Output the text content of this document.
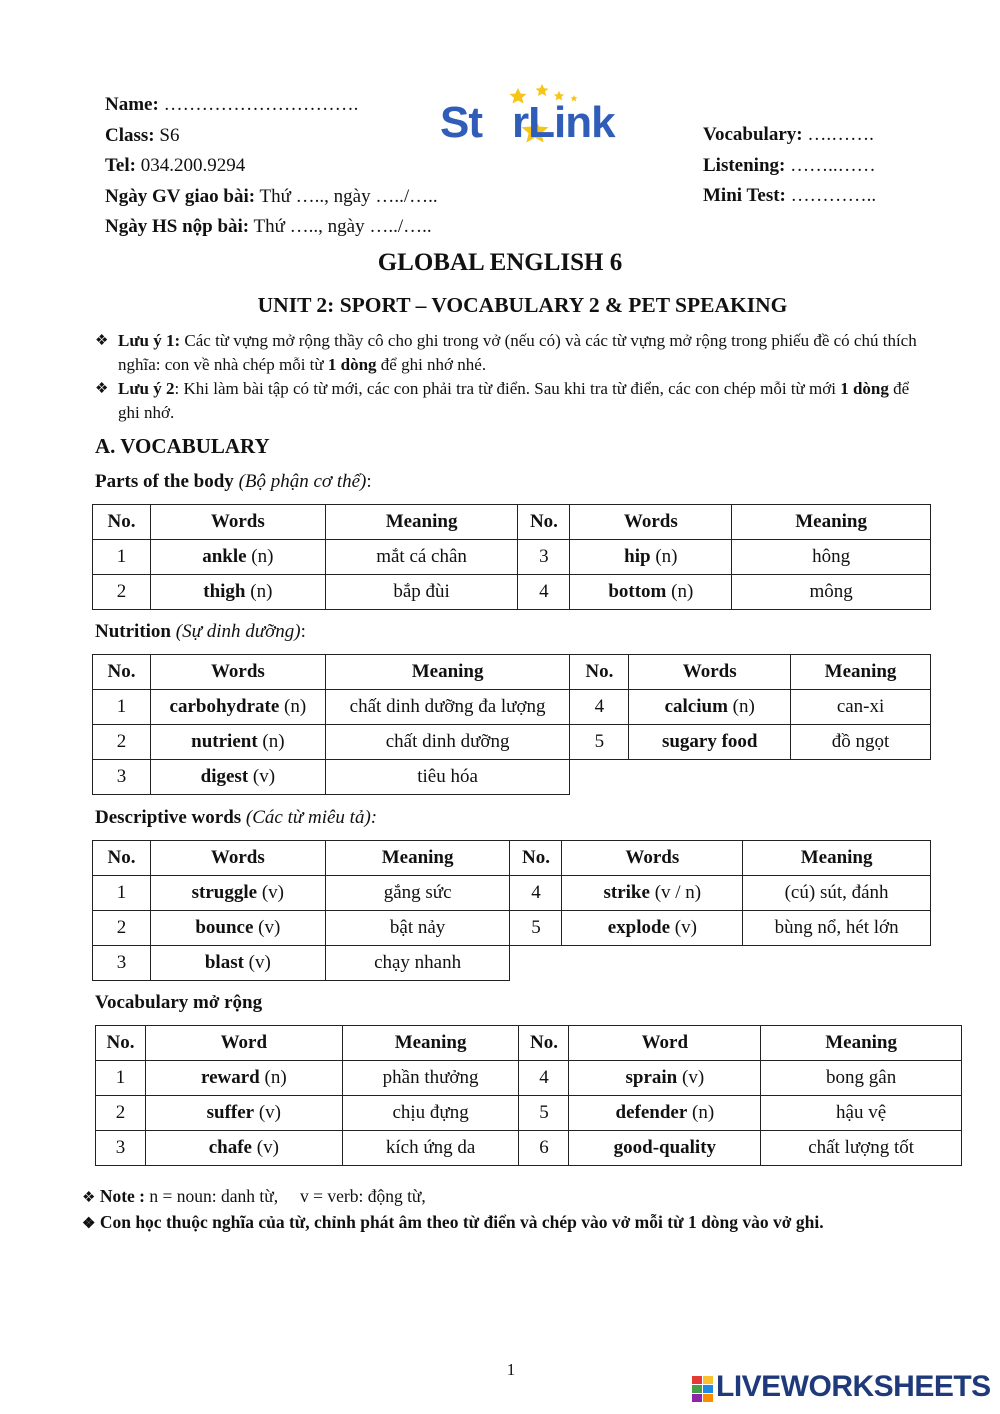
Name: ………………………….
Class: S6
Tel: 034.200.9294
Ngày GV giao bài: Thứ ….., ngày …../…..
Ngày HS nộp bài: Thứ ….., ngày …../…..
St rLink	Vocabulary: ….…….
Listening: ……..……
Mini Test: …………..
GLOBAL ENGLISH 6
UNIT 2: SPORT – VOCABULARY 2 & PET SPEAKING
❖ Lưu ý 1: Các từ vựng mở rộng thầy cô cho ghi trong vở (nếu có) và các từ vựng mở rộng trong phiếu đề có chú thích nghĩa: con về nhà chép mỗi từ 1 dòng để ghi nhớ nhé.
❖ Lưu ý 2: Khi làm bài tập có từ mới, các con phải tra từ điển. Sau khi tra từ điển, các con chép mỗi từ mới 1 dòng để ghi nhớ.
A. VOCABULARY
Parts of the body (Bộ phận cơ thể):
No.	Words	Meaning	No.	Words	Meaning
1	ankle (n)	mắt cá chân	3	hip (n)	hông
2	thigh (n)	bắp đùi	4	bottom (n)	mông
Nutrition (Sự dinh dưỡng):
No.	Words	Meaning	No.	Words	Meaning
1	carbohydrate (n)	chất dinh dưỡng đa lượng	4	calcium (n)	can-xi
2	nutrient (n)	chất dinh dưỡng	5	sugary food	đồ ngọt
3	digest (v)	tiêu hóa			
Descriptive words (Các từ miêu tả):
No.	Words	Meaning	No.	Words	Meaning
1	struggle (v)	gắng sức	4	strike (v / n)	(cú) sút, đánh
2	bounce (v)	bật nảy	5	explode (v)	bùng nổ, hét lớn
3	blast (v)	chạy nhanh			
Vocabulary mở rộng
No.	Word	Meaning	No.	Word	Meaning
1	reward (n)	phần thưởng	4	sprain (v)	bong gân
2	suffer (v)	chịu đựng	5	defender (n)	hậu vệ
3	chafe (v)	kích ứng da	6	good-quality	chất lượng tốt
❖ Note : n = noun: danh từ,     v = verb: động từ,
❖ Con học thuộc nghĩa của từ, chỉnh phát âm theo từ điển và chép vào vở mỗi từ 1 dòng vào vở ghi.
1
LIVEWORKSHEETS
